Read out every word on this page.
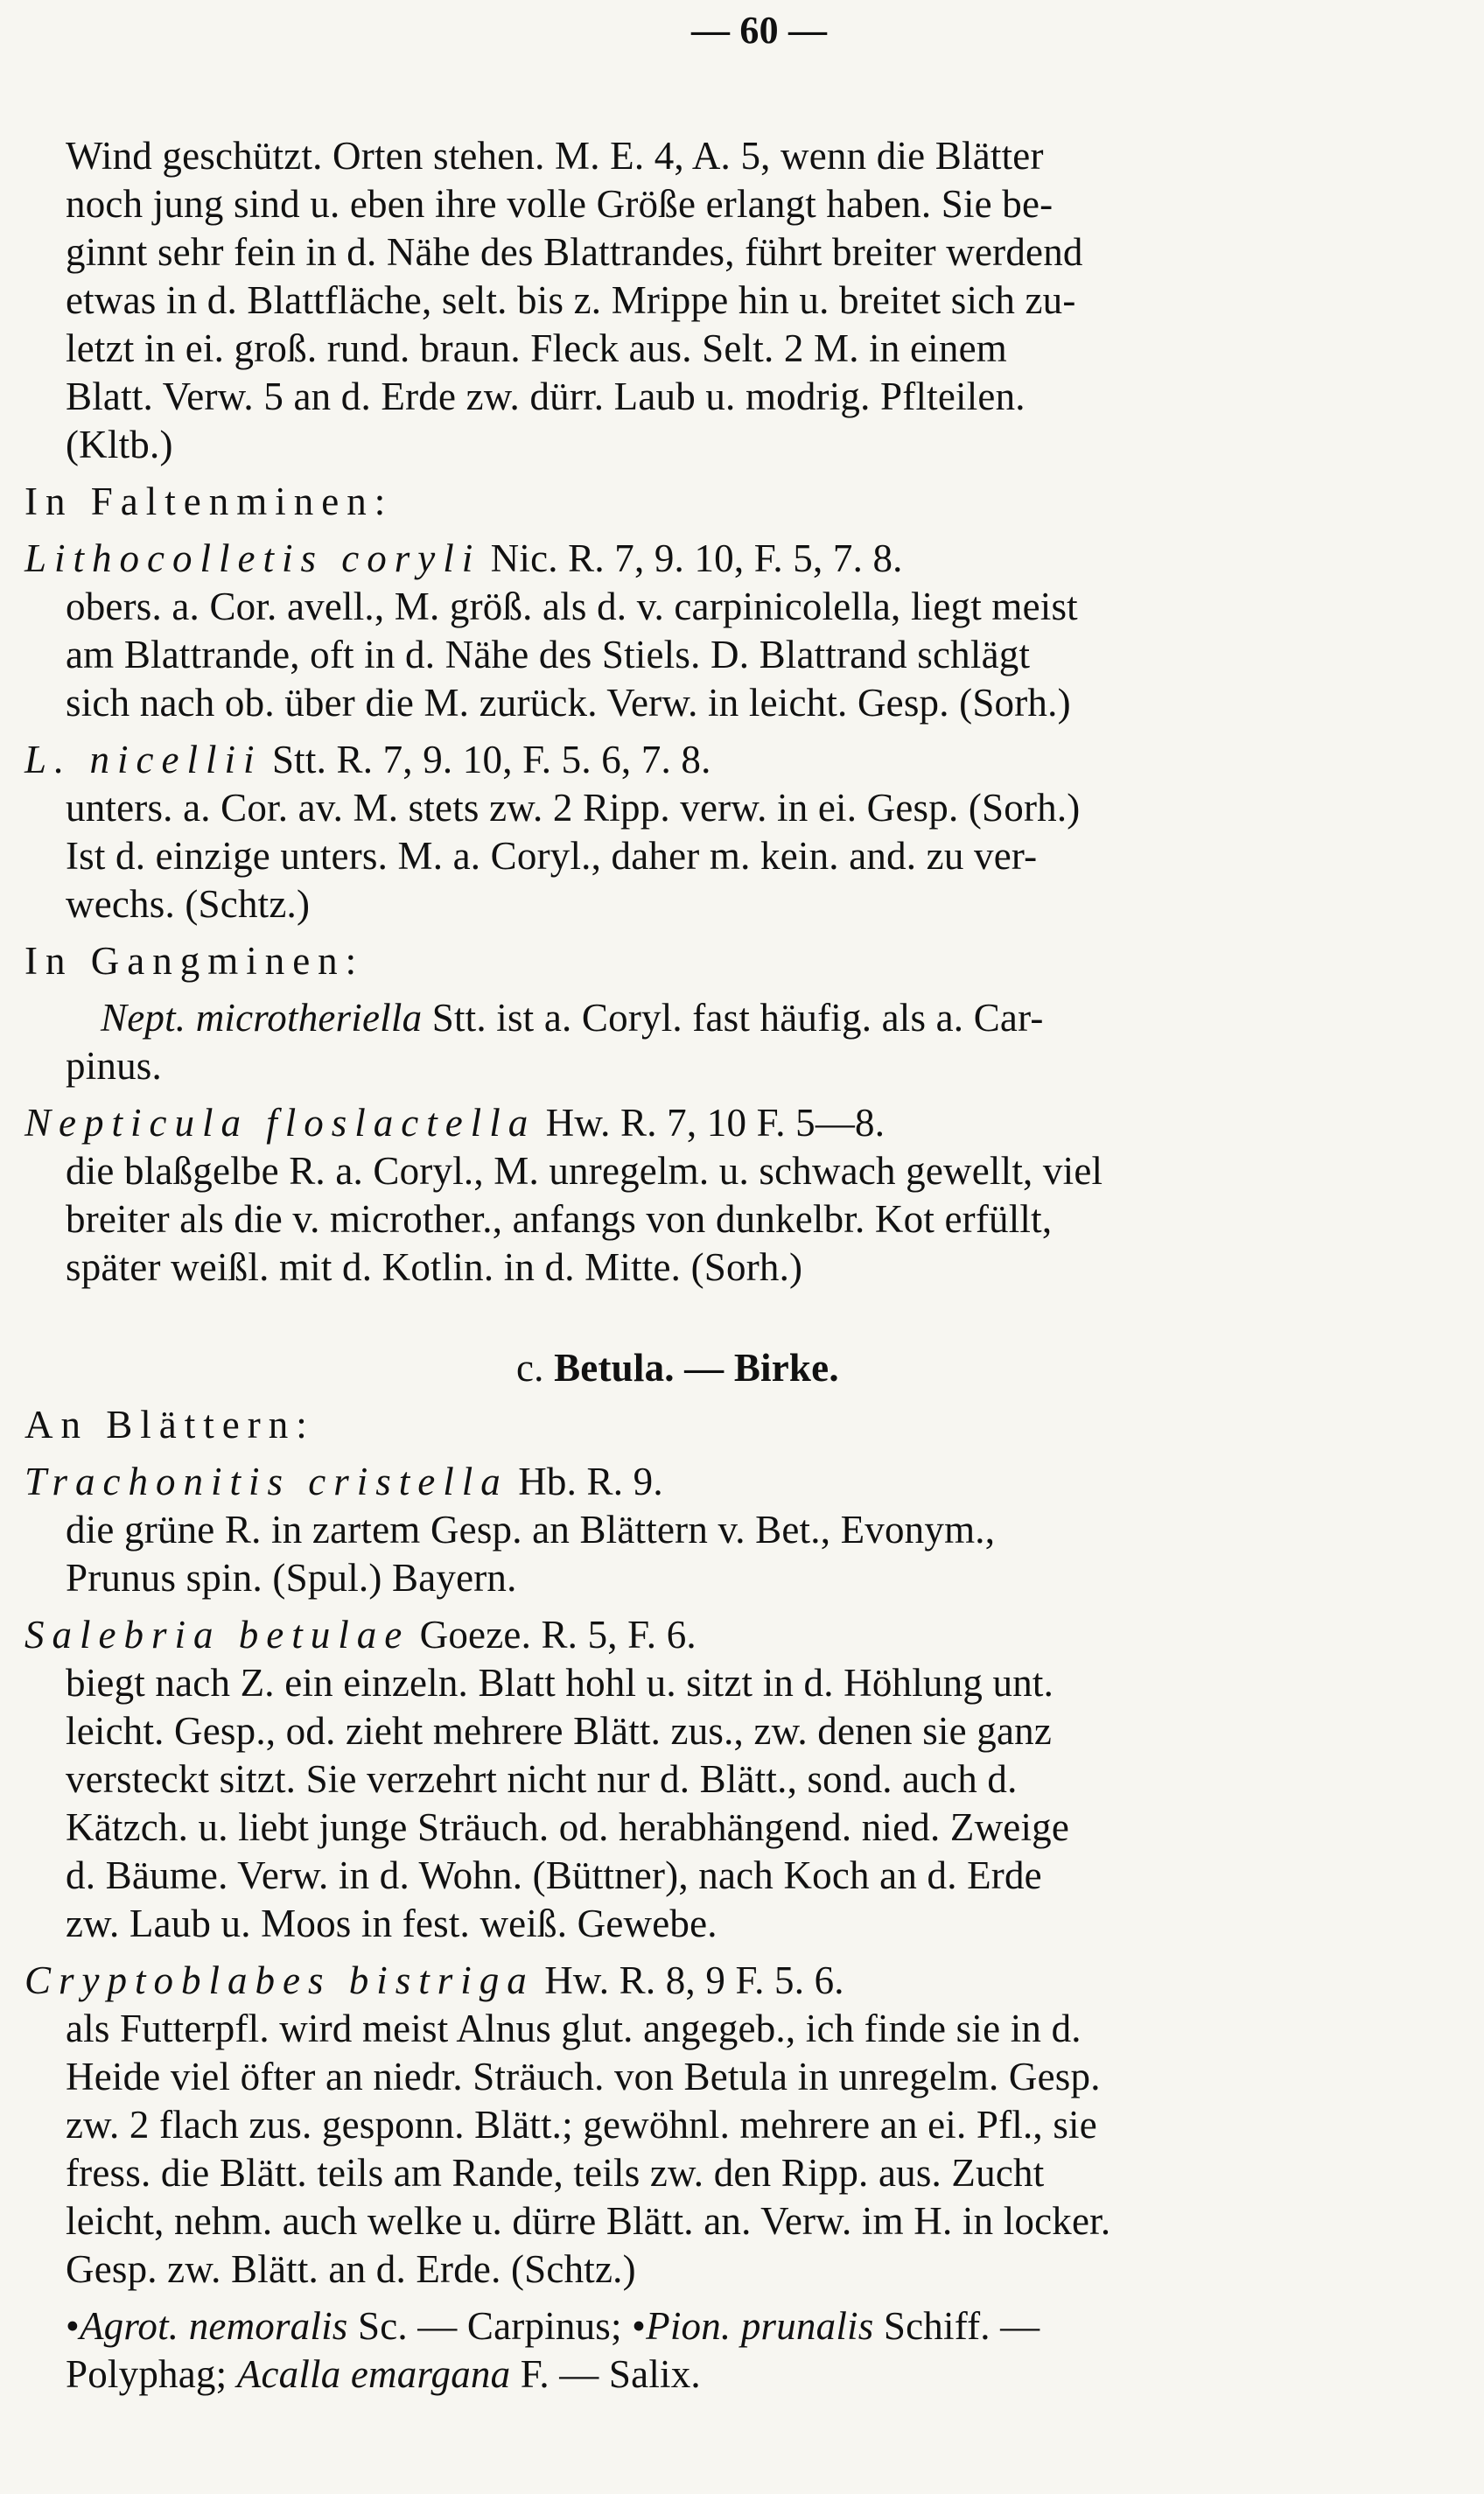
— 60 —
Wind geschützt. Orten stehen. M. E. 4, A. 5, wenn die Blätter
noch jung sind u. eben ihre volle Größe erlangt haben. Sie be-
ginnt sehr fein in d. Nähe des Blattrandes, führt breiter werdend
etwas in d. Blattfläche, selt. bis z. Mrippe hin u. breitet sich zu-
letzt in ei. groß. rund. braun. Fleck aus. Selt. 2 M. in einem
Blatt. Verw. 5 an d. Erde zw. dürr. Laub u. modrig. Pflteilen.
(Kltb.)
In Faltenminen:
Lithocolletis coryli Nic. R. 7, 9. 10, F. 5, 7. 8.
obers. a. Cor. avell., M. größ. als d. v. carpinicolella, liegt meist
am Blattrande, oft in d. Nähe des Stiels. D. Blattrand schlägt
sich nach ob. über die M. zurück. Verw. in leicht. Gesp. (Sorh.)
L. nicellii Stt. R. 7, 9. 10, F. 5. 6, 7. 8.
unters. a. Cor. av. M. stets zw. 2 Ripp. verw. in ei. Gesp. (Sorh.)
Ist d. einzige unters. M. a. Coryl., daher m. kein. and. zu ver-
wechs. (Schtz.)
In Gangminen:
Nept. microtheriella Stt. ist a. Coryl. fast häufig. als a. Car-
pinus.
Nepticula floslactella Hw. R. 7, 10 F. 5—8.
die blaßgelbe R. a. Coryl., M. unregelm. u. schwach gewellt, viel
breiter als die v. microther., anfangs von dunkelbr. Kot erfüllt,
später weißl. mit d. Kotlin. in d. Mitte. (Sorh.)
c. Betula. — Birke.
An Blättern:
Trachonitis cristella Hb. R. 9.
die grüne R. in zartem Gesp. an Blättern v. Bet., Evonym.,
Prunus spin. (Spul.) Bayern.
Salebria betulae Goeze. R. 5, F. 6.
biegt nach Z. ein einzeln. Blatt hohl u. sitzt in d. Höhlung unt.
leicht. Gesp., od. zieht mehrere Blätt. zus., zw. denen sie ganz
versteckt sitzt. Sie verzehrt nicht nur d. Blätt., sond. auch d.
Kätzch. u. liebt junge Sträuch. od. herabhängend. nied. Zweige
d. Bäume. Verw. in d. Wohn. (Büttner), nach Koch an d. Erde
zw. Laub u. Moos in fest. weiß. Gewebe.
Cryptoblabes bistriga Hw. R. 8, 9 F. 5. 6.
als Futterpfl. wird meist Alnus glut. angegeb., ich finde sie in d.
Heide viel öfter an niedr. Sträuch. von Betula in unregelm. Gesp.
zw. 2 flach zus. gesponn. Blätt.; gewöhnl. mehrere an ei. Pfl., sie
fress. die Blätt. teils am Rande, teils zw. den Ripp. aus. Zucht
leicht, nehm. auch welke u. dürre Blätt. an. Verw. im H. in locker.
Gesp. zw. Blätt. an d. Erde. (Schtz.)
•Agrot. nemoralis Sc. — Carpinus; •Pion. prunalis Schiff. —
Polyphag; Acalla emargana F. — Salix.
